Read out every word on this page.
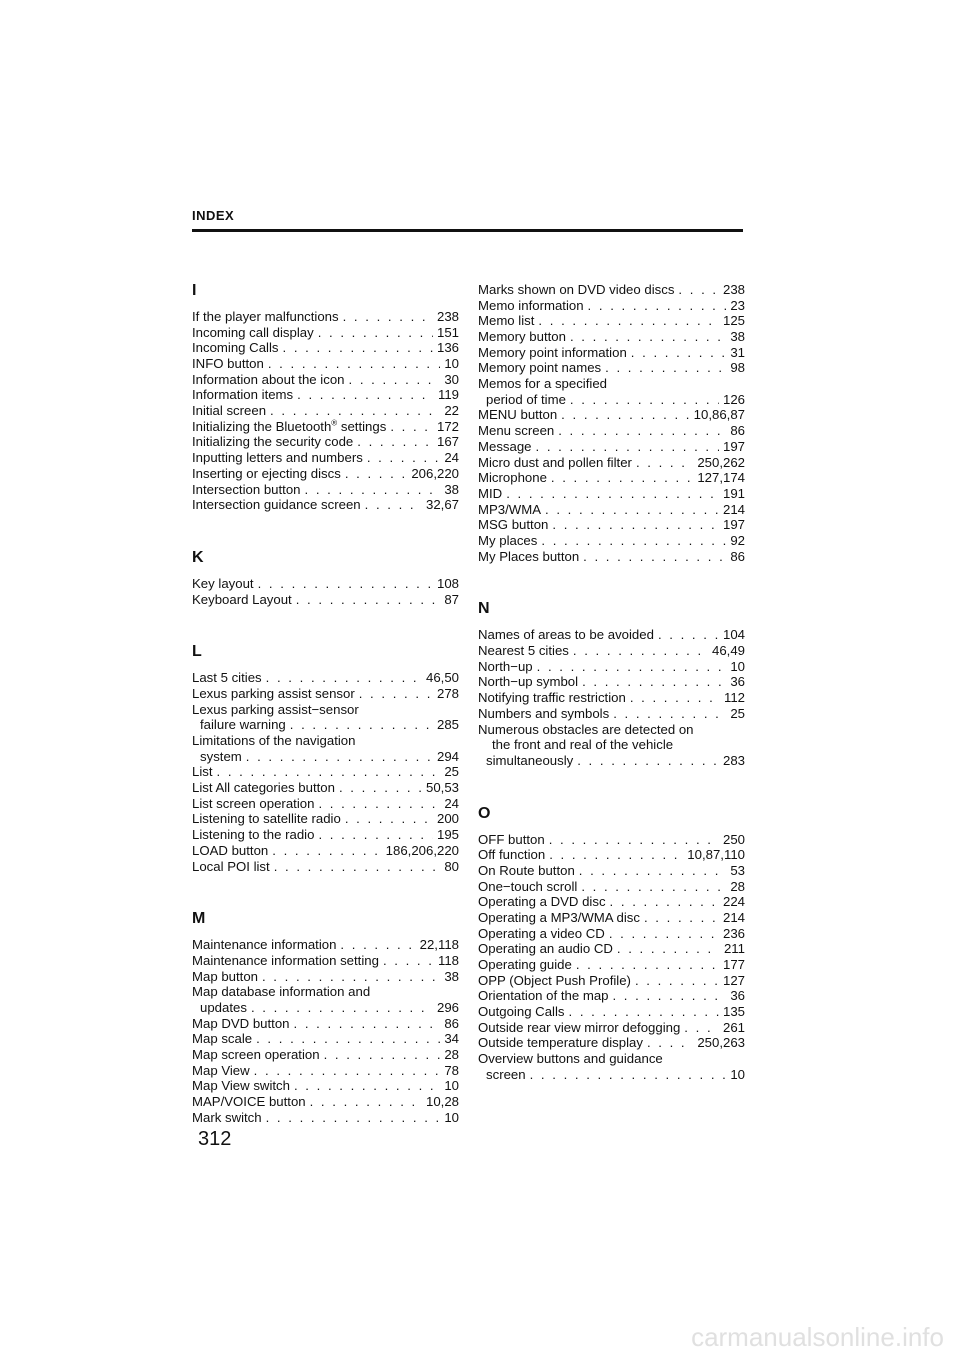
INDEX
I
If the player malfunctions . . .	238
Incoming call display . . .	151
Incoming Calls . . .	136
INFO button . . .	10
Information about the icon . . .	30
Information items . . .	119
Initial screen . . .	22
Initializing the Bluetooth® settings . . .	172
Initializing the security code . . .	167
Inputting letters and numbers . . .	24
Inserting or ejecting discs . . .	206,220
Intersection button . . .	38
Intersection guidance screen . . .	32,67
K
Key layout . . .	108
Keyboard Layout . . .	87
L
Last 5 cities . . .	46,50
Lexus parking assist sensor . . .	278
Lexus parking assist−sensor
failure warning . . .	285
Limitations of the navigation
system . . .	294
List . . .	25
List All categories button . . .	50,53
List screen operation . . .	24
Listening to satellite radio . . .	200
Listening to the radio . . .	195
LOAD button . . .	186,206,220
Local POI list . . .	80
M
Maintenance information . . .	22,118
Maintenance information setting . . .	118
Map button . . .	38
Map database information and
updates . . .	296
Map DVD button . . .	86
Map scale . . .	34
Map screen operation . . .	28
Map View . . .	78
Map View switch . . .	10
MAP/VOICE button . . .	10,28
Mark switch . . .	10
Marks shown on DVD video discs . . .	238
Memo information . . .	23
Memo list . . .	125
Memory button . . .	38
Memory point information . . .	31
Memory point names . . .	98
Memos for a specified
period of time . . .	126
MENU button . . .	10,86,87
Menu screen . . .	86
Message . . .	197
Micro dust and pollen filter . . .	250,262
Microphone . . .	127,174
MID . . .	191
MP3/WMA . . .	214
MSG button . . .	197
My places . . .	92
My Places button . . .	86
N
Names of areas to be avoided . . .	104
Nearest 5 cities . . .	46,49
North−up . . .	10
North−up symbol . . .	36
Notifying traffic restriction . . .	112
Numbers and symbols . . .	25
Numerous obstacles are detected on
the front and real of the vehicle
simultaneously . . .	283
O
OFF button . . .	250
Off function . . .	10,87,110
On Route button . . .	53
One−touch scroll . . .	28
Operating a DVD disc . . .	224
Operating a MP3/WMA disc . . .	214
Operating a video CD . . .	236
Operating an audio CD . . .	211
Operating guide . . .	177
OPP (Object Push Profile) . . .	127
Orientation of the map . . .	36
Outgoing Calls . . .	135
Outside rear view mirror defogging . . .	261
Outside temperature display . . .	250,263
Overview buttons and guidance
screen . . .	10
312
carmanualsonline.info
